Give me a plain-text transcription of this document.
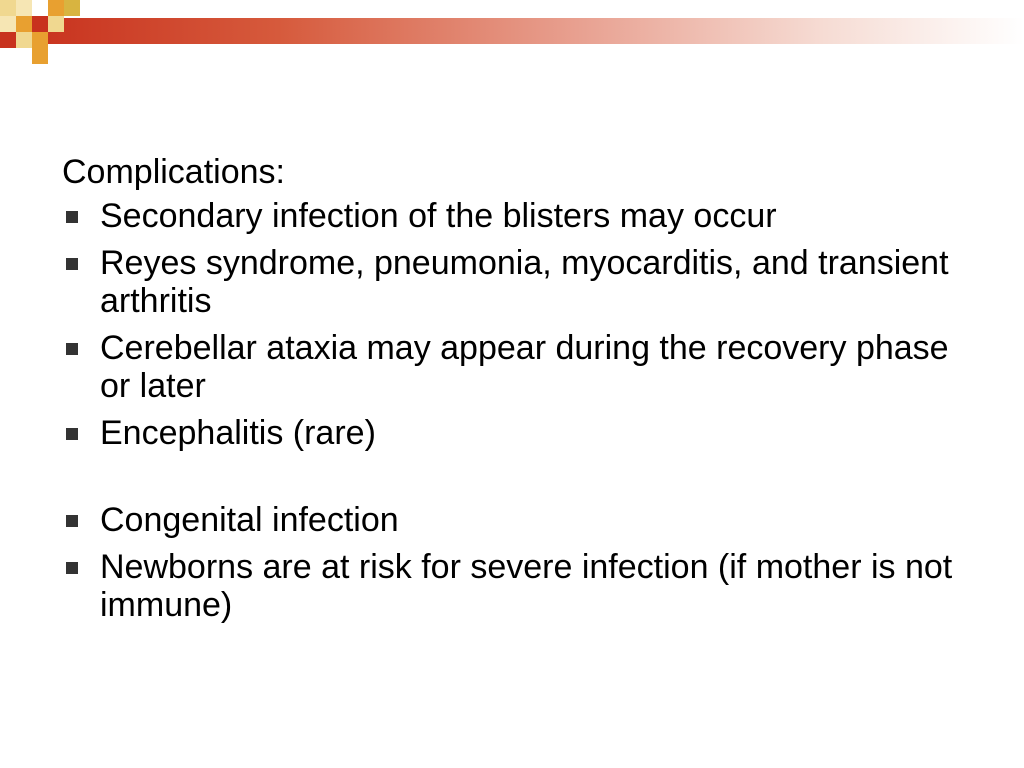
Complications:
Secondary infection of the blisters may occur
Reyes syndrome, pneumonia, myocarditis, and transient arthritis
Cerebellar ataxia may appear during the recovery phase or later
Encephalitis (rare)
Congenital infection
Newborns are at risk for severe infection (if mother is not immune)
